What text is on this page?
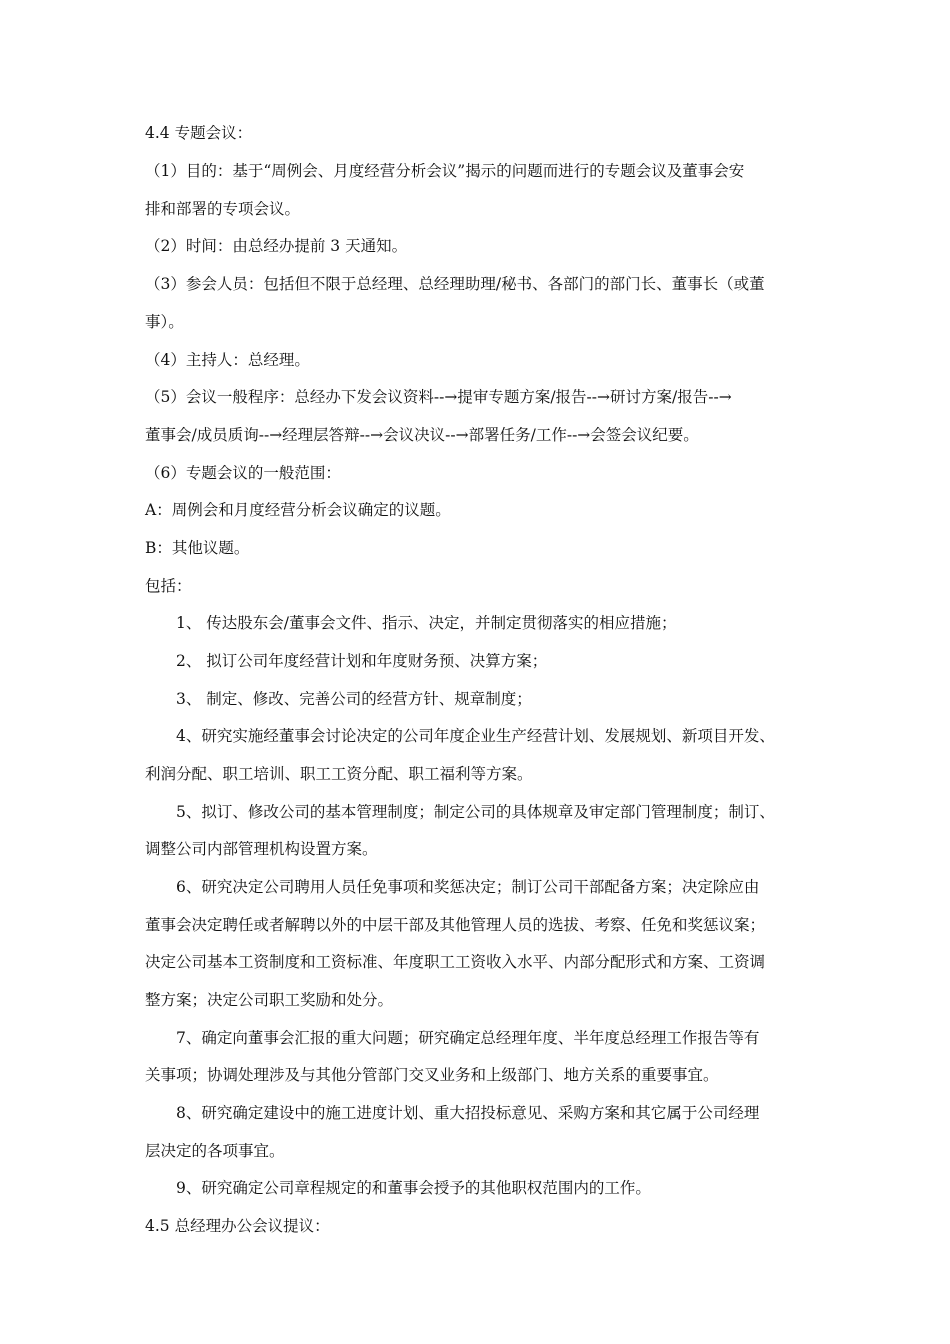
4.4 专题会议：
（1）目的：基于“周例会、月度经营分析会议”揭示的问题而进行的专题会议及董事会安
排和部署的专项会议。
（2）时间：由总经办提前 3 天通知。
（3）参会人员：包括但不限于总经理、总经理助理/秘书、各部门的部门长、董事长（或董
事）。
（4）主持人：总经理。
（5）会议一般程序：总经办下发会议资料--→提审专题方案/报告--→研讨方案/报告--→
董事会/成员质询--→经理层答辩--→会议决议--→部署任务/工作--→会签会议纪要。
（6）专题会议的一般范围：
A：周例会和月度经营分析会议确定的议题。
B：其他议题。
包括：
1、 传达股东会/董事会文件、指示、决定，并制定贯彻落实的相应措施；
2、 拟订公司年度经营计划和年度财务预、决算方案；
3、 制定、修改、完善公司的经营方针、规章制度；
4、研究实施经董事会讨论决定的公司年度企业生产经营计划、发展规划、新项目开发、
利润分配、职工培训、职工工资分配、职工福利等方案。
5、拟订、修改公司的基本管理制度；制定公司的具体规章及审定部门管理制度；制订、
调整公司内部管理机构设置方案。
6、研究决定公司聘用人员任免事项和奖惩决定；制订公司干部配备方案；决定除应由
董事会决定聘任或者解聘以外的中层干部及其他管理人员的选拔、考察、任免和奖惩议案；
决定公司基本工资制度和工资标准、年度职工工资收入水平、内部分配形式和方案、工资调
整方案；决定公司职工奖励和处分。
7、确定向董事会汇报的重大问题；研究确定总经理年度、半年度总经理工作报告等有
关事项；协调处理涉及与其他分管部门交叉业务和上级部门、地方关系的重要事宜。
8、研究确定建设中的施工进度计划、重大招投标意见、采购方案和其它属于公司经理
层决定的各项事宜。
9、研究确定公司章程规定的和董事会授予的其他职权范围内的工作。
4.5 总经理办公会议提议：
